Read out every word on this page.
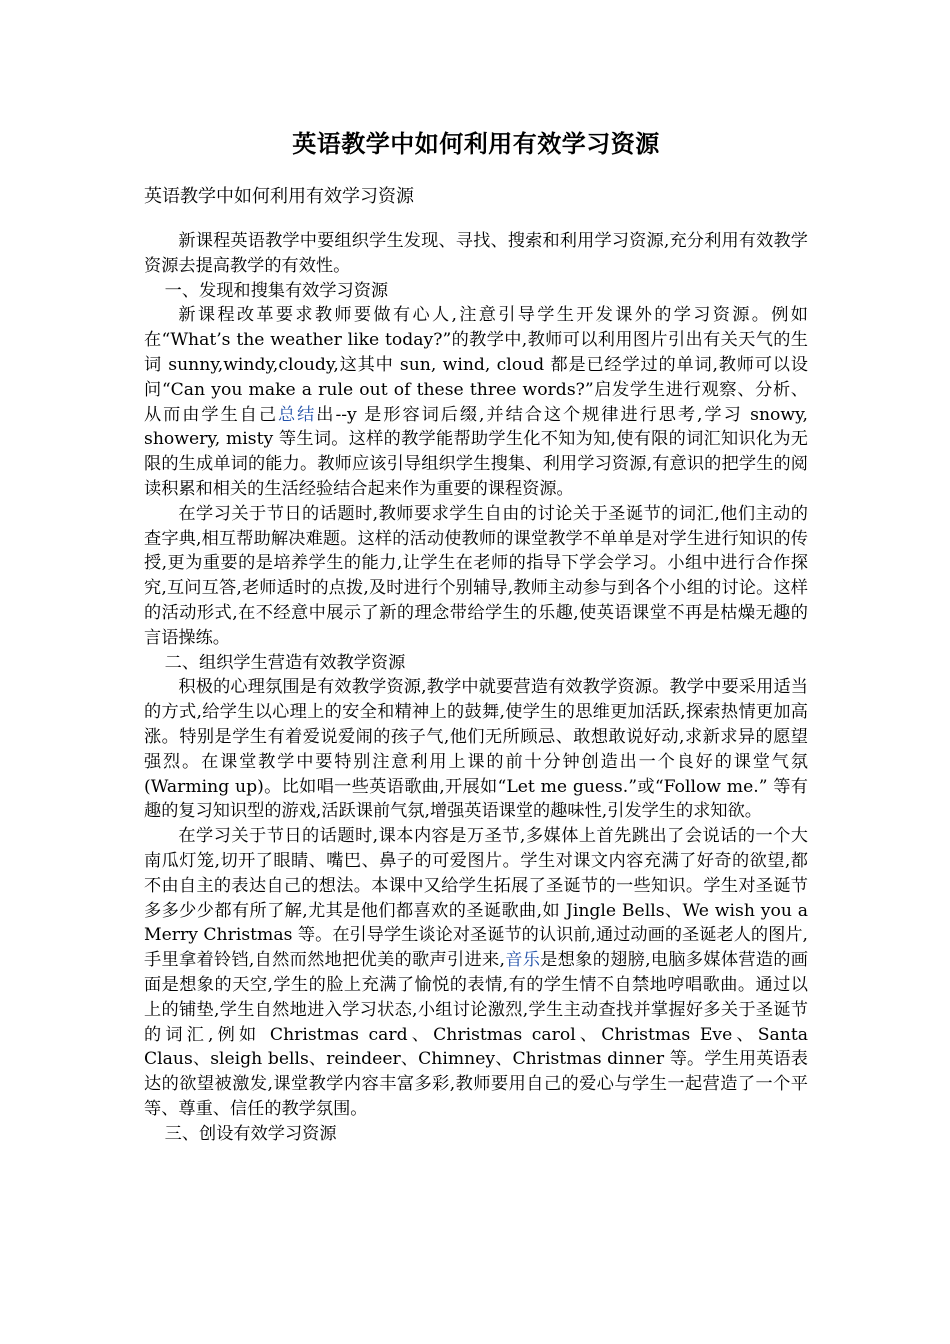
英语教学中如何利用有效学习资源
英语教学中如何利用有效学习资源

新课程英语教学中要组织学生发现、寻找、搜索和利用学习资源,充分利用有效教学资源去提高教学的有效性。

一、发现和搜集有效学习资源

新课程改革要求教师要做有心人,注意引导学生开发课外的学习资源。例如在“What’s the weather like today?”的教学中,教师可以利用图片引出有关天气的生词 sunny,windy,cloudy,这其中 sun, wind, cloud 都是已经学过的单词,教师可以设问“Can you make a rule out of these three words?”启发学生进行观察、分析、从而由学生自己总结出--y 是形容词后缀,并结合这个规律进行思考,学习 snowy, showery, misty 等生词。这样的教学能帮助学生化不知为知,使有限的词汇知识化为无限的生成单词的能力。教师应该引导组织学生搜集、利用学习资源,有意识的把学生的阅读积累和相关的生活经验结合起来作为重要的课程资源。

在学习关于节日的话题时,教师要求学生自由的讨论关于圣诞节的词汇,他们主动的查字典,相互帮助解决难题。这样的活动使教师的课堂教学不单单是对学生进行知识的传授,更为重要的是培养学生的能力,让学生在老师的指导下学会学习。小组中进行合作探究,互问互答,老师适时的点拨,及时进行个别辅导,教师主动参与到各个小组的讨论。这样的活动形式,在不经意中展示了新的理念带给学生的乐趣,使英语课堂不再是枯燥无趣的言语操练。

二、组织学生营造有效教学资源

积极的心理氛围是有效教学资源,教学中就要营造有效教学资源。教学中要采用适当的方式,给学生以心理上的安全和精神上的鼓舞,使学生的思维更加活跃,探索热情更加高涨。特别是学生有着爱说爱闹的孩子气,他们无所顾忌、敢想敢说好动,求新求异的愿望强烈。在课堂教学中要特别注意利用上课的前十分钟创造出一个良好的课堂气氛(Warming up)。比如唱一些英语歌曲,开展如“Let me guess.”或“Follow me.” 等有趣的复习知识型的游戏,活跃课前气氛,增强英语课堂的趣味性,引发学生的求知欲。

在学习关于节日的话题时,课本内容是万圣节,多媒体上首先跳出了会说话的一个大南瓜灯笼,切开了眼睛、嘴巴、鼻子的可爱图片。学生对课文内容充满了好奇的欲望,都不由自主的表达自己的想法。本课中又给学生拓展了圣诞节的一些知识。学生对圣诞节多多少少都有所了解,尤其是他们都喜欢的圣诞歌曲,如 Jingle Bells、We wish you a Merry Christmas 等。在引导学生谈论对圣诞节的认识前,通过动画的圣诞老人的图片,手里拿着铃铛,自然而然地把优美的歌声引进来,音乐是想象的翅膀,电脑多媒体营造的画面是想象的天空,学生的脸上充满了愉悦的表情,有的学生情不自禁地哼唱歌曲。通过以上的铺垫,学生自然地进入学习状态,小组讨论激烈,学生主动查找并掌握好多关于圣诞节的词汇,例如 Christmas card、Christmas carol、Christmas Eve、Santa Claus、sleigh bells、reindeer、Chimney、Christmas dinner 等。学生用英语表达的欲望被激发,课堂教学内容丰富多彩,教师要用自己的爱心与学生一起营造了一个平等、尊重、信任的教学氛围。

三、创设有效学习资源
